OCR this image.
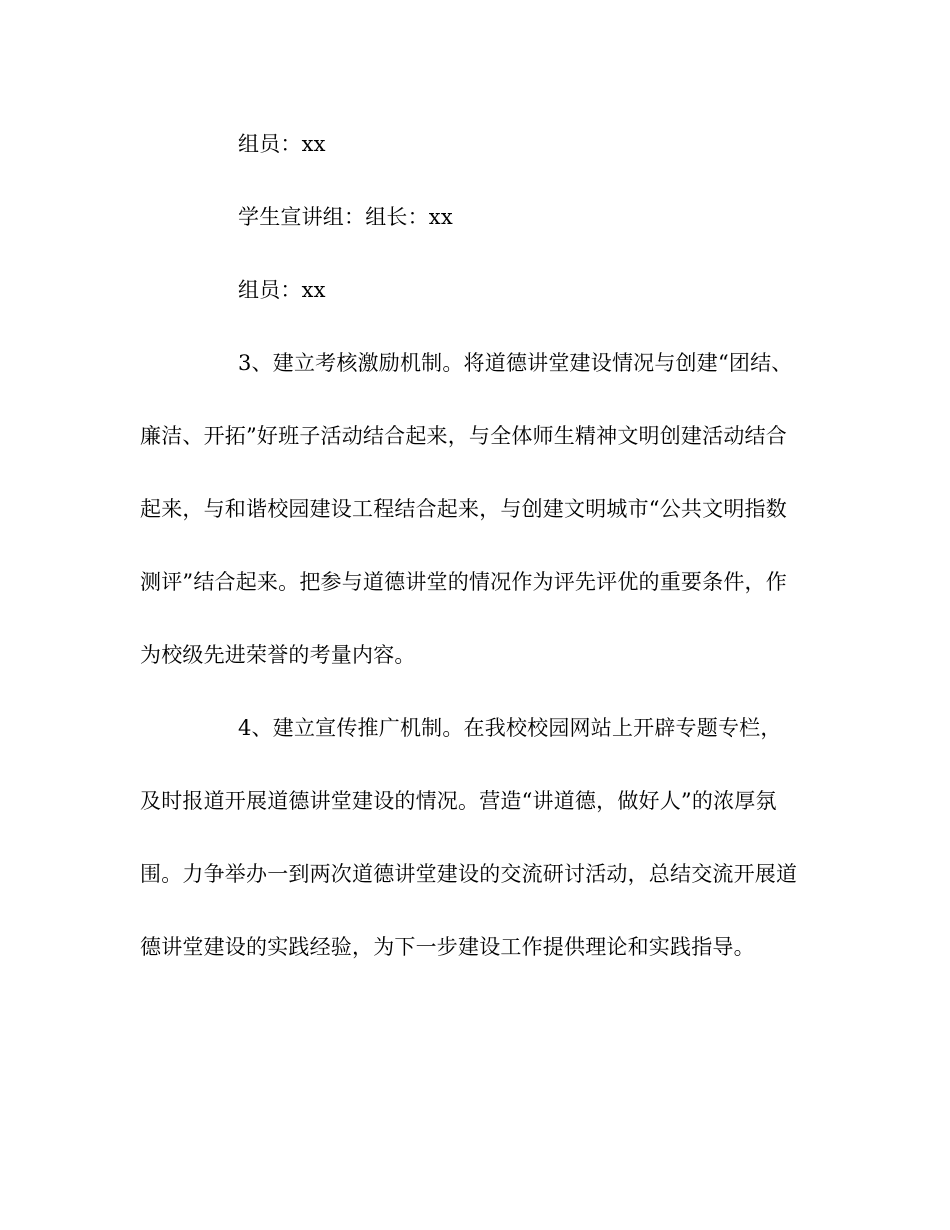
组员：xx
学生宣讲组：组长：xx
组员：xx
3、建立考核激励机制。将道德讲堂建设情况与创建“团结、
廉洁、开拓”好班子活动结合起来，与全体师生精神文明创建活动结合
起来，与和谐校园建设工程结合起来，与创建文明城市“公共文明指数
测评”结合起来。把参与道德讲堂的情况作为评先评优的重要条件，作
为校级先进荣誉的考量内容。
4、建立宣传推广机制。在我校校园网站上开辟专题专栏，
及时报道开展道德讲堂建设的情况。营造“讲道德，做好人”的浓厚氛
围。力争举办一到两次道德讲堂建设的交流研讨活动，总结交流开展道
德讲堂建设的实践经验，为下一步建设工作提供理论和实践指导。
